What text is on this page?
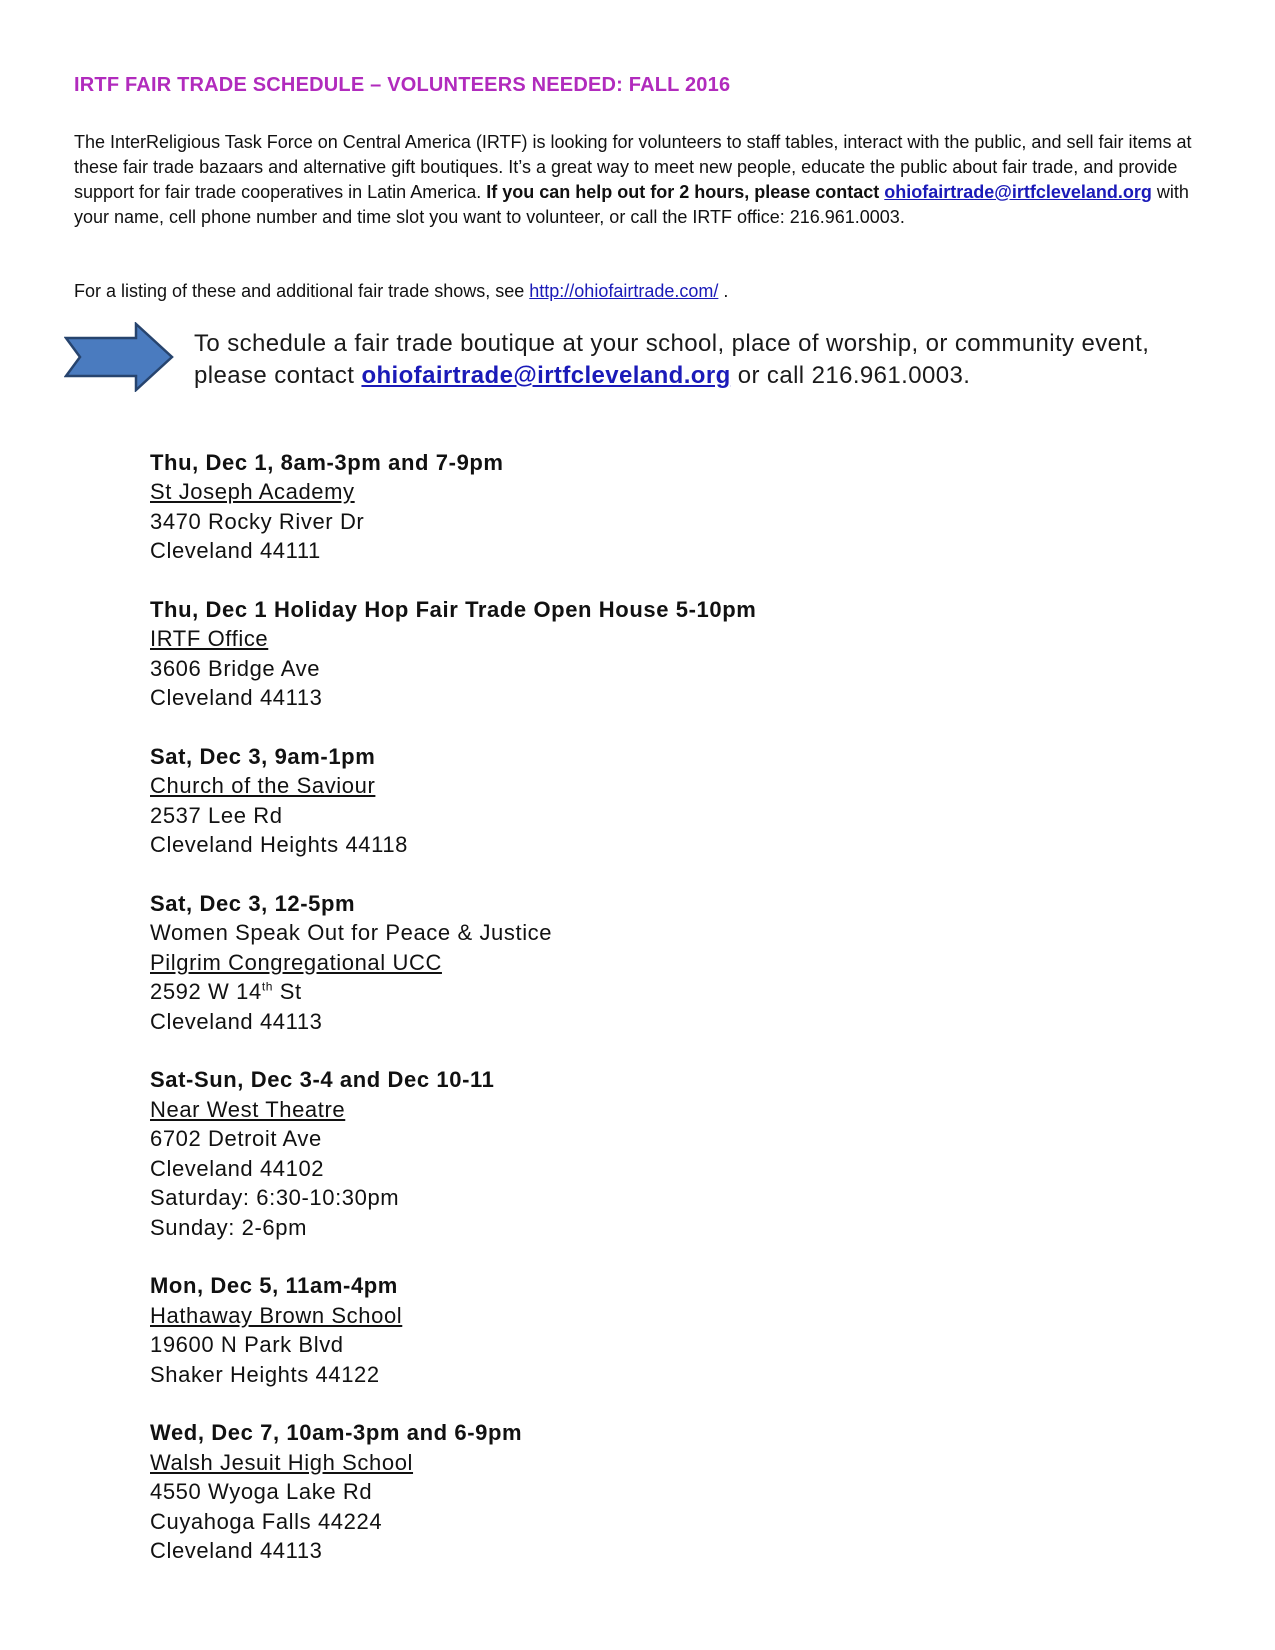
IRTF FAIR TRADE SCHEDULE – VOLUNTEERS NEEDED: FALL 2016

The InterReligious Task Force on Central America (IRTF) is looking for volunteers to staff tables, interact with the public, and sell fair items at these fair trade bazaars and alternative gift boutiques. It’s a great way to meet new people, educate the public about fair trade, and provide support for fair trade cooperatives in Latin America. If you can help out for 2 hours, please contact ohiofairtrade@irtfcleveland.org with your name, cell phone number and time slot you want to volunteer, or call the IRTF office: 216.961.0003.

For a listing of these and additional fair trade shows, see http://ohiofairtrade.com/ .

To schedule a fair trade boutique at your school, place of worship, or community event, please contact ohiofairtrade@irtfcleveland.org or call 216.961.0003.
Thu, Dec 1, 8am-3pm and 7-9pm
St Joseph Academy
3470 Rocky River Dr
Cleveland 44111
Thu, Dec 1 Holiday Hop Fair Trade Open House 5-10pm
IRTF Office
3606 Bridge Ave
Cleveland 44113
Sat, Dec 3, 9am-1pm
Church of the Saviour
2537 Lee Rd
Cleveland Heights 44118
Sat, Dec 3, 12-5pm
Women Speak Out for Peace & Justice
Pilgrim Congregational UCC
2592 W 14th St
Cleveland 44113
Sat-Sun, Dec 3-4 and Dec 10-11
Near West Theatre
6702 Detroit Ave
Cleveland 44102
Saturday: 6:30-10:30pm
Sunday: 2-6pm
Mon, Dec 5, 11am-4pm
Hathaway Brown School
19600 N Park Blvd
Shaker Heights 44122
Wed, Dec 7, 10am-3pm and 6-9pm
Walsh Jesuit High School
4550 Wyoga Lake Rd
Cuyahoga Falls 44224
Cleveland 44113
